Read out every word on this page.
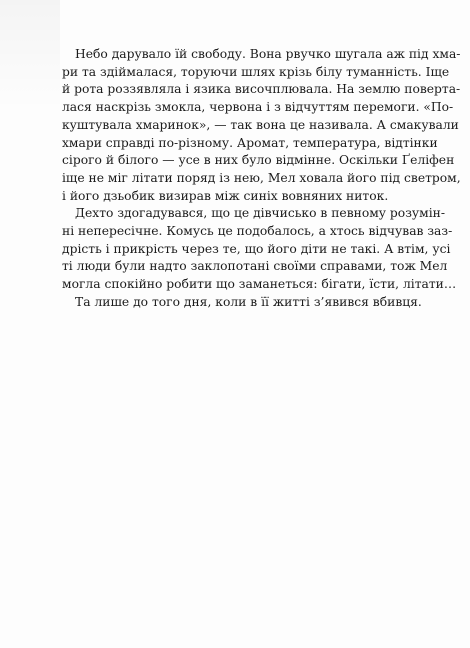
Небо дарувало їй свободу. Вона рвучко шугала аж під хма-
ри та здіймалася, торуючи шлях крізь білу туманність. Іще
й рота роззявляла і язика височплювала. На землю поверта-
лася наскрізь змокла, червона і з відчуттям перемоги. «По-
куштувала хмаринок», — так вона це називала. А смакували
хмари справді по-різному. Аромат, температура, відтінки
сірого й білого — усе в них було відмінне. Оскільки Ґеліфен
іще не міг літати поряд із нею, Мел ховала його під светром,
і його дзьобик визирав між синіх вовняних ниток.
Дехто здогадувався, що це дівчисько в певному розумін-
ні непересічне. Комусь це подобалось, а хтось відчував зaз-
дрість і прикрість через те, що його діти не такі. А втім, усі
ті люди були надто заклопотані своїми справами, тож Мел
могла спокійно робити що заманеться: бігати, їсти, літати…
Та лише до того дня, коли в її житті з’явився вбивця.
